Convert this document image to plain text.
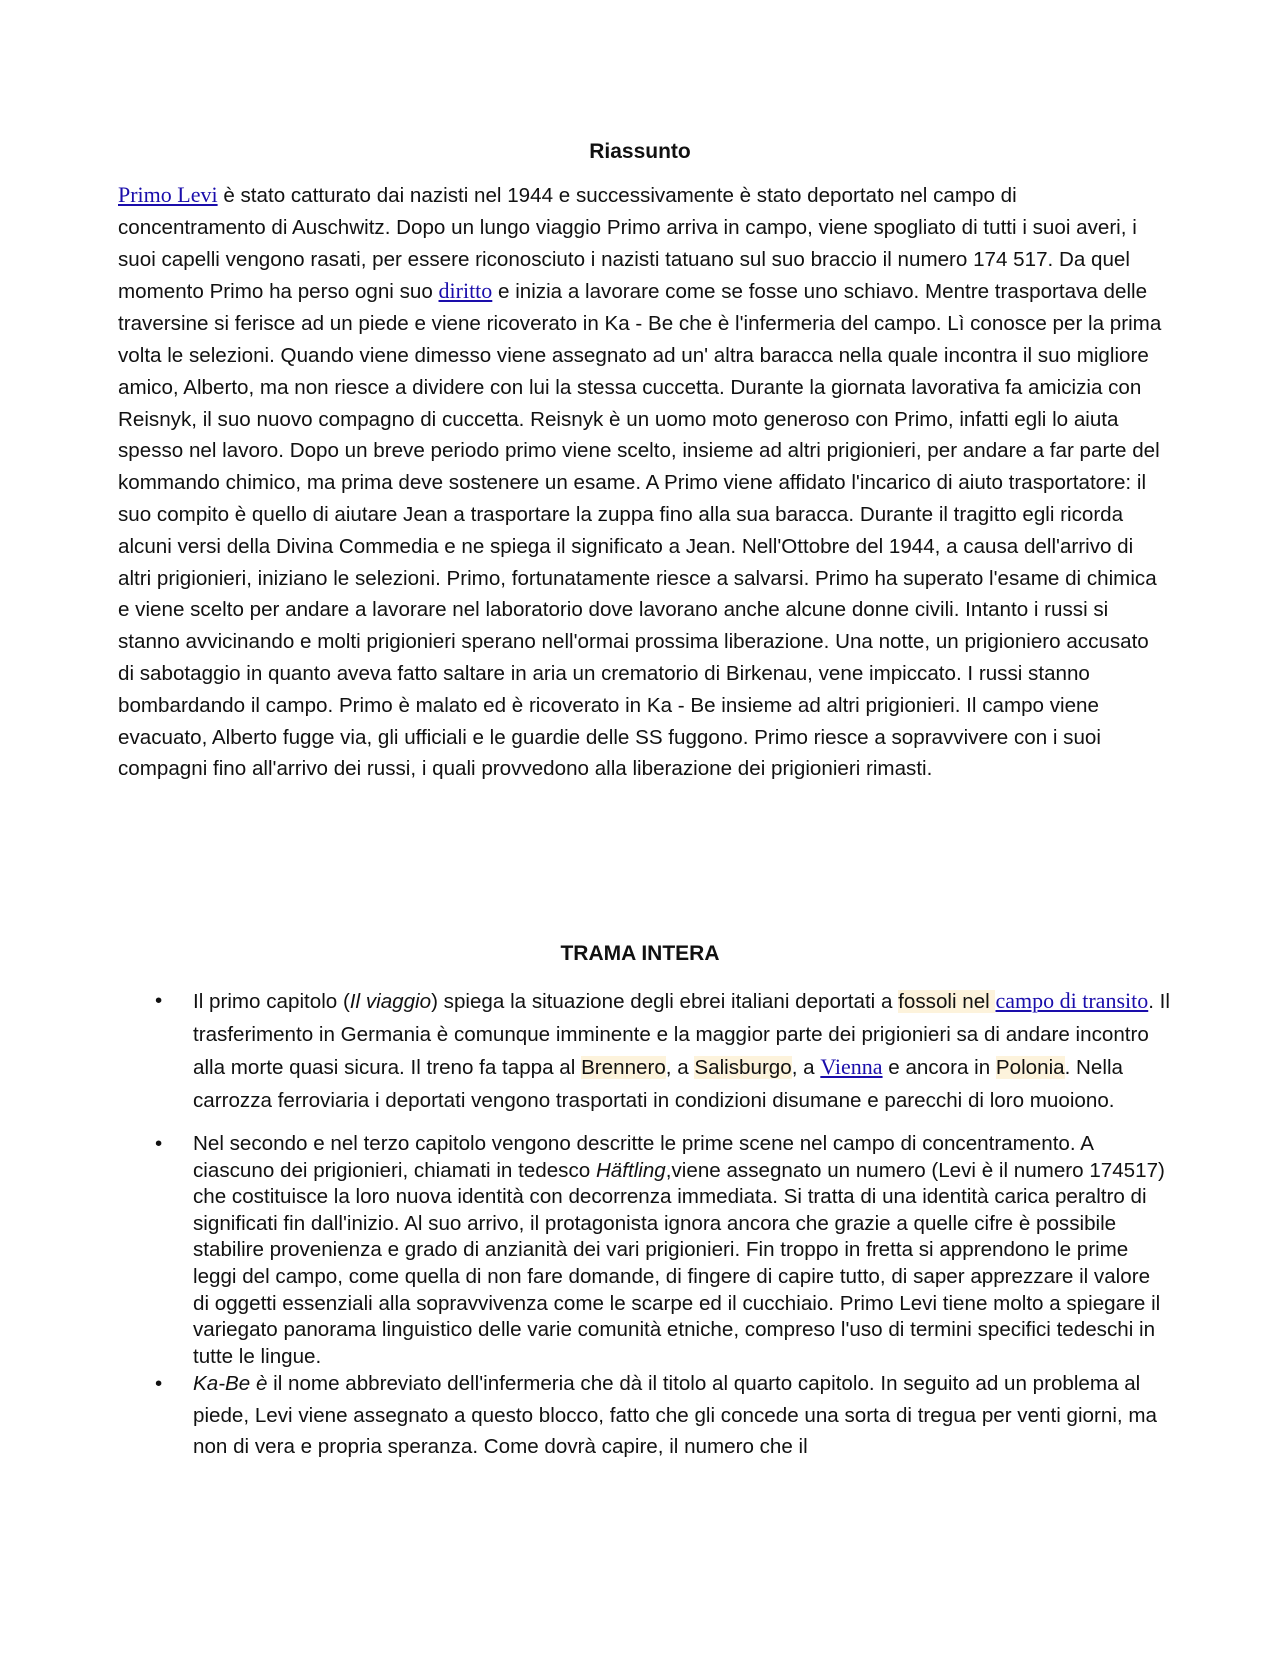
Riassunto

Primo Levi è stato catturato dai nazisti nel 1944 e successivamente è stato deportato nel campo di concentramento di Auschwitz. Dopo un lungo viaggio Primo arriva in campo, viene spogliato di tutti i suoi averi, i suoi capelli vengono rasati, per essere riconosciuto i nazisti tatuano sul suo braccio il numero 174 517. Da quel momento Primo ha perso ogni suo diritto e inizia a lavorare come se fosse uno schiavo. Mentre trasportava delle traversine si ferisce ad un piede e viene ricoverato in Ka - Be che è l'infermeria del campo. Lì conosce per la prima volta le selezioni. Quando viene dimesso viene assegnato ad un' altra baracca nella quale incontra il suo migliore amico, Alberto, ma non riesce a dividere con lui la stessa cuccetta. Durante la giornata lavorativa fa amicizia con Reisnyk, il suo nuovo compagno di cuccetta. Reisnyk è un uomo moto generoso con Primo, infatti egli lo aiuta spesso nel lavoro. Dopo un breve periodo primo viene scelto, insieme ad altri prigionieri, per andare a far parte del kommando chimico, ma prima deve sostenere un esame. A Primo viene affidato l'incarico di aiuto trasportatore: il suo compito è quello di aiutare Jean a trasportare la zuppa fino alla sua baracca. Durante il tragitto egli ricorda alcuni versi della Divina Commedia e ne spiega il significato a Jean. Nell'Ottobre del 1944, a causa dell'arrivo di altri prigionieri, iniziano le selezioni. Primo, fortunatamente riesce a salvarsi. Primo ha superato l'esame di chimica e viene scelto per andare a lavorare nel laboratorio dove lavorano anche alcune donne civili. Intanto i russi si stanno avvicinando e molti prigionieri sperano nell'ormai prossima liberazione. Una notte, un prigioniero accusato di sabotaggio in quanto aveva fatto saltare in aria un crematorio di Birkenau, vene impiccato. I russi stanno bombardando il campo. Primo è malato ed è ricoverato in Ka - Be insieme ad altri prigionieri. Il campo viene evacuato, Alberto fugge via, gli ufficiali e le guardie delle SS fuggono. Primo riesce a sopravvivere con i suoi compagni fino all'arrivo dei russi, i quali provvedono alla liberazione dei prigionieri rimasti.

TRAMA INTERA
• Il primo capitolo (Il viaggio) spiega la situazione degli ebrei italiani deportati a fossoli nel campo di transito. Il trasferimento in Germania è comunque imminente e la maggior parte dei prigionieri sa di andare incontro alla morte quasi sicura. Il treno fa tappa al Brennero, a Salisburgo, a Vienna e ancora in Polonia. Nella carrozza ferroviaria i deportati vengono trasportati in condizioni disumane e parecchi di loro muoiono.
• Nel secondo e nel terzo capitolo vengono descritte le prime scene nel campo di concentramento. A ciascuno dei prigionieri, chiamati in tedesco Häftling,viene assegnato un numero (Levi è il numero 174517) che costituisce la loro nuova identità con decorrenza immediata. Si tratta di una identità carica peraltro di significati fin dall'inizio. Al suo arrivo, il protagonista ignora ancora che grazie a quelle cifre è possibile stabilire provenienza e grado di anzianità dei vari prigionieri. Fin troppo in fretta si apprendono le prime leggi del campo, come quella di non fare domande, di fingere di capire tutto, di saper apprezzare il valore di oggetti essenziali alla sopravvivenza come le scarpe ed il cucchiaio. Primo Levi tiene molto a spiegare il variegato panorama linguistico delle varie comunità etniche, compreso l'uso di termini specifici tedeschi in tutte le lingue.
• Ka-Be è il nome abbreviato dell'infermeria che dà il titolo al quarto capitolo. In seguito ad un problema al piede, Levi viene assegnato a questo blocco, fatto che gli concede una sorta di tregua per venti giorni, ma non di vera e propria speranza. Come dovrà capire, il numero che il
